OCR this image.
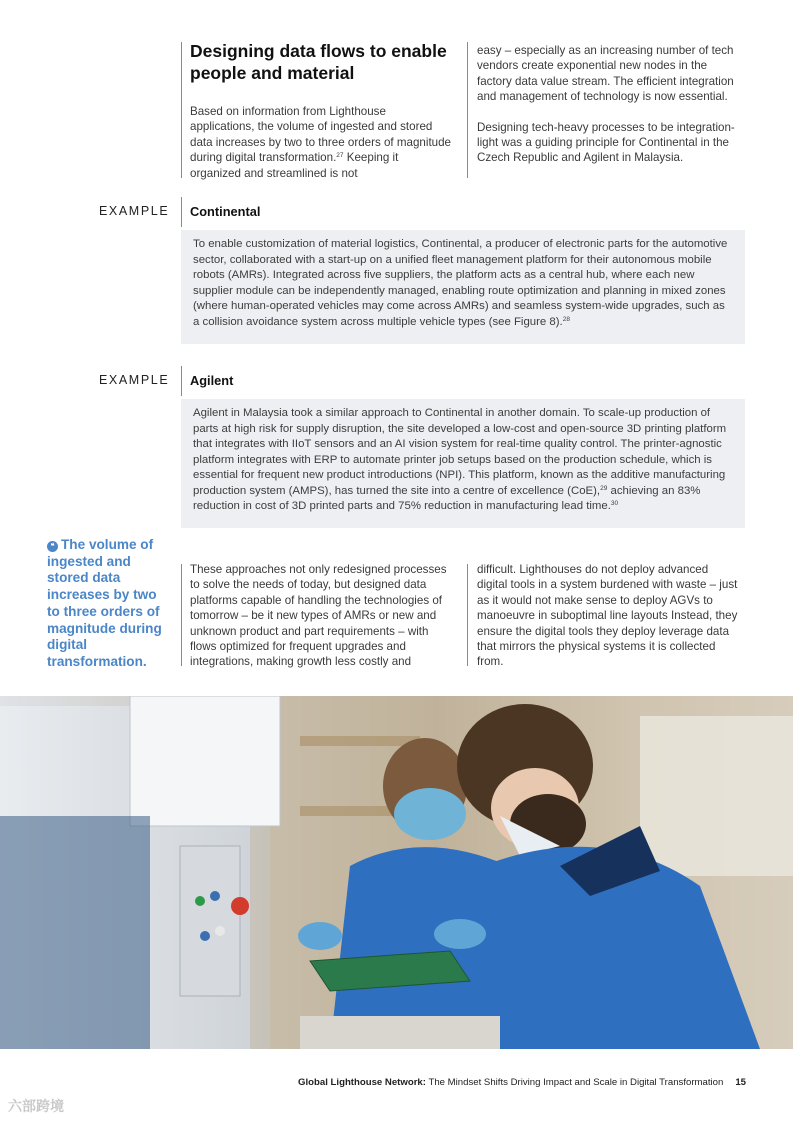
Designing data flows to enable people and material
Based on information from Lighthouse applications, the volume of ingested and stored data increases by two to three orders of magnitude during digital transformation.$^{27}$ Keeping it organized and streamlined is not

easy – especially as an increasing number of tech vendors create exponential new nodes in the factory data value stream. The efficient integration and management of technology is now essential.

Designing tech-heavy processes to be integration-light was a guiding principle for Continental in the Czech Republic and Agilent in Malaysia.

EXAMPLE	Continental
To enable customization of material logistics, Continental, a producer of electronic parts for the automotive sector, collaborated with a start-up on a unified fleet management platform for their autonomous mobile robots (AMRs). Integrated across five suppliers, the platform acts as a central hub, where each new supplier module can be independently managed, enabling route optimization and planning in mixed zones (where human-operated vehicles may come across AMRs) and seamless system-wide upgrades, such as a collision avoidance system across multiple vehicle types (see Figure 8).$^{28}$
EXAMPLE	Agilent
Agilent in Malaysia took a similar approach to Continental in another domain. To scale-up production of parts at high risk for supply disruption, the site developed a low-cost and open-source 3D printing platform that integrates with IIoT sensors and an AI vision system for real-time quality control. The printer-agnostic platform integrates with ERP to automate printer job setups based on the production schedule, which is essential for frequent new product introductions (NPI). This platform, known as the additive manufacturing production system (AMPS), has turned the site into a centre of excellence (CoE),$^{29}$ achieving an 83% reduction in cost of 3D printed parts and 75% reduction in manufacturing lead time.$^{30}$
❝ The volume of ingested and stored data increases by two to three orders of magnitude during digital transformation.
These approaches not only redesigned processes to solve the needs of today, but designed data platforms capable of handling the technologies of tomorrow – be it new types of AMRs or new and unknown product and part requirements – with flows optimized for frequent upgrades and integrations, making growth less costly and
difficult. Lighthouses do not deploy advanced digital tools in a system burdened with waste – just as it would not make sense to deploy AGVs to manoeuvre in suboptimal line layouts Instead, they ensure the digital tools they deploy leverage data that mirrors the physical systems it is collected from.
Global Lighthouse Network: The Mindset Shifts Driving Impact and Scale in Digital Transformation 15
六部跨境
